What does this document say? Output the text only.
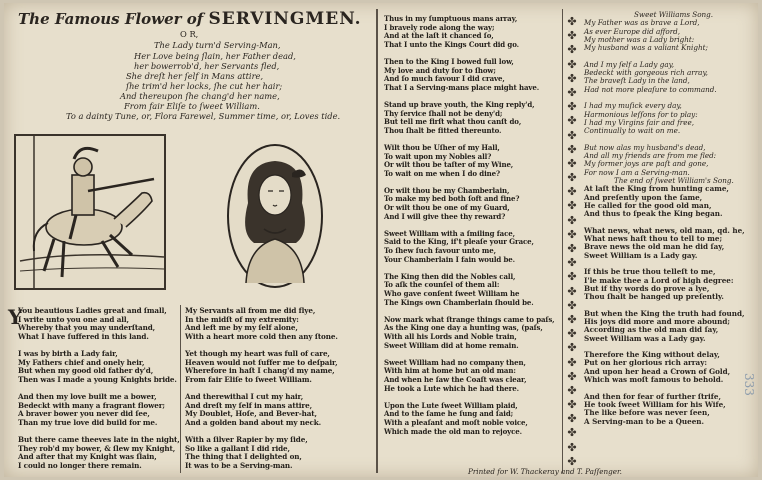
The Famous Flower of SERVINGMEN.
O R,
The Lady turn'd Serving-Man,
Her Love being ſlain, her Father dead,
her bowerrob'd, her Servants fled,
She dreſt her ſelf in Mans attire,
ſhe trim'd her locks, ſhe cut her hair;
And thereupon ſhe chang'd her name,
From fair Eliſe to ſweet William.
To a dainty Tune, or, Flora Farewel, Summer time, or, Loves tide.
Y
You beautious Ladies great and ſmall,
I write unto you one and all,
Whereby that you may underſtand,
What I have ſuffered in this land.
I was by birth a Lady fair,
My Fathers chief and onely heir,
But when my good old father dy'd,
Then was I made a young Knights bride.
And then my love built me a bower,
Bedeckt with many a fragrant flower;
A braver bower you never did ſee,
Than my true love did build for me.
But there came theeves late in the night,
They rob'd my bower, & ſlew my Knight,
And after that my Knight was ſlain,
I could no longer there remain.
My Servants all from me did flye,
In the midſt of my extremity:
And left me by my ſelf alone,
With a heart more cold then any ſtone.
Yet though my heart was full of care,
Heaven would not ſuffer me to deſpair,
Wherefore in haſt I chang'd my name,
From fair Eliſe to ſweet William.
And therewithal I cut my hair,
And dreſt my ſelf in mans attire,
My Doublet, Hoſe, and Bever-hat,
And a golden band about my neck.
With a ſilver Rapier by my ſide,
So like a gallant I did ride,
The thing that I delighted on,
It was to be a Serving-man.
Thus in my ſumptuous mans array,
I bravely rode along the way;
And at the laſt it chanced ſo,
That I unto the Kings Court did go.
Then to the King I bowed full low,
My love and duty for to ſhow;
And ſo much favour I did crave,
That I a Serving-mans place might have.
Stand up brave youth, the King reply'd,
Thy ſervice ſhall not be deny'd;
But tell me firſt what thou canſt do,
Thou ſhalt be fitted thereunto.
Wilt thou be Uſher of my Hall,
To wait upon my Nobles all?
Or wilt thou be taſter of my Wine,
To wait on me when I do dine?
Or wilt thou be my Chamberlain,
To make my bed both ſoft and fine?
Or wilt thou be one of my Guard,
And I will give thee thy reward?
Sweet William with a ſmiling face,
Said to the King, if't pleaſe your Grace,
To ſhew ſuch favour unto me,
Your Chamberlain I fain would be.
The King then did the Nobles call,
To aſk the counſel of them all:
Who gave conſent ſweet William he
The Kings own Chamberlain ſhould be.
Now mark what ſtrange things came to paſs,
As the King one day a hunting was, (paſs,
With all his Lords and Noble train,
Sweet William did at home remain.
Sweet William had no company then,
With him at home but an old man:
And when he ſaw the Coaſt was clear,
He took a Lute which he had there.
Upon the Lute ſweet William plaid,
And to the ſame he ſung and ſaid;
With a pleaſant and moſt noble voice,
Which made the old man to rejoyce.
✤
✤
✤
✤
✤
✤
✤
✤
✤
✤
✤
✤
✤
✤
✤
✤
✤
✤
✤
✤
✤
✤
✤
✤
✤
✤
✤
✤
✤
✤
✤
✤
Sweet Williams Song.
My Father was as brave a Lord,
As ever Europe did afford,
My mother was a Lady bright:
My husband was a valiant Knight;
And I my ſelf a Lady gay,
Bedeckt with gorgeous rich array,
The braveſt Lady in the land,
Had not more pleaſure to command.
I had my muſick every day,
Harmonious leſſons for to play:
I had my Virgins fair and free,
Continually to wait on me.
But now alas my husband's dead,
And all my friends are from me fled:
My former joys are paſt and gone,
For now I am a Serving-man.
The end of ſweet William's Song.
At laſt the King from hunting came,
And preſently upon the ſame,
He called for the good old man,
And thus to ſpeak the King began.
What news, what news, old man, qd. he,
What news haſt thou to tell to me;
Brave news the old man he did ſay,
Sweet William is a Lady gay.
If this be true thou telleſt to me,
I'le make thee a Lord of high degree:
But if thy words do prove a lye,
Thou ſhalt be hanged up preſently.
But when the King the truth had found,
His joys did more and more abound;
According as the old man did ſay,
Sweet William was a Lady gay.
Therefore the King without delay,
Put on her glorious rich array:
And upon her head a Crown of Gold,
Which was moſt famous to behold.
And then for fear of further ſtrife,
He took ſweet William for his Wife,
The like before was never ſeen,
A Serving-man to be a Queen.
Printed for W. Thackeray and T. Paſſenger.
333
